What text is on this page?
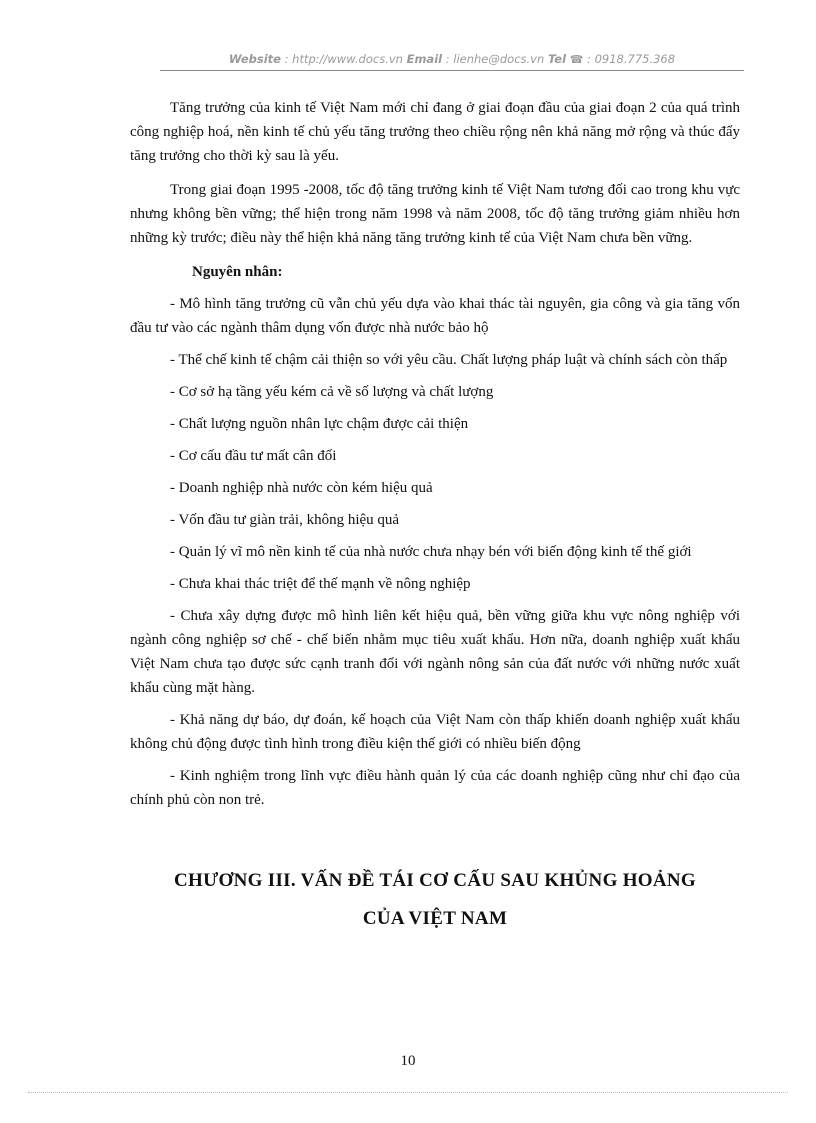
Website : http://www.docs.vn Email : lienhe@docs.vn Tel ☎ : 0918.775.368

Tăng trưởng của kinh tế Việt Nam mới chỉ đang ở giai đoạn đầu của giai đoạn 2 của quá trình công nghiệp hoá, nền kinh tế chủ yếu tăng trưởng theo chiều rộng nên khả năng mở rộng và thúc đẩy tăng trưởng cho thời kỳ sau là yếu.

Trong giai đoạn 1995 -2008, tốc độ tăng trưởng kinh tế Việt Nam tương đối cao trong khu vực nhưng không bền vững; thể hiện trong năm 1998 và năm 2008, tốc độ tăng trưởng giảm nhiều hơn những kỳ trước; điều này thể hiện khả năng tăng trưởng kinh tế của Việt Nam chưa bền vững.

Nguyên nhân:

- Mô hình tăng trưởng cũ vẫn chủ yếu dựa vào khai thác tài nguyên, gia công và gia tăng vốn đầu tư vào các ngành thâm dụng vốn được nhà nước bảo hộ

- Thể chế kinh tế chậm cải thiện so với yêu cầu. Chất lượng pháp luật và chính sách còn thấp

- Cơ sở hạ tầng yếu kém cả về số lượng và chất lượng

- Chất lượng nguồn nhân lực chậm được cải thiện

- Cơ cấu đầu tư mất cân đối

- Doanh nghiệp nhà nước còn kém hiệu quả

- Vốn đầu tư giàn trải, không hiệu quả

- Quản lý vĩ mô nền kinh tế của nhà nước chưa nhạy bén với biến động kinh tế thế giới

- Chưa khai thác triệt để thế mạnh về nông nghiệp

- Chưa xây dựng được mô hình liên kết hiệu quả, bền vững giữa khu vực nông nghiệp với ngành công nghiệp sơ chế - chế biến nhằm mục tiêu xuất khẩu. Hơn nữa, doanh nghiệp xuất khẩu Việt Nam chưa tạo được sức cạnh tranh đối với ngành nông sản của đất nước với những nước xuất khẩu cùng mặt hàng.

- Khả năng dự báo, dự đoán, kế hoạch của Việt Nam còn thấp khiến doanh nghiệp xuất khẩu không chủ động được tình hình trong điều kiện thế giới có nhiều biến động

- Kinh nghiệm trong lĩnh vực điều hành quản lý của các doanh nghiệp cũng như chỉ đạo của chính phủ còn non trẻ.

CHƯƠNG III. VẤN ĐỀ TÁI CƠ CẤU SAU KHỦNG HOẢNG
CỦA VIỆT NAM
10
